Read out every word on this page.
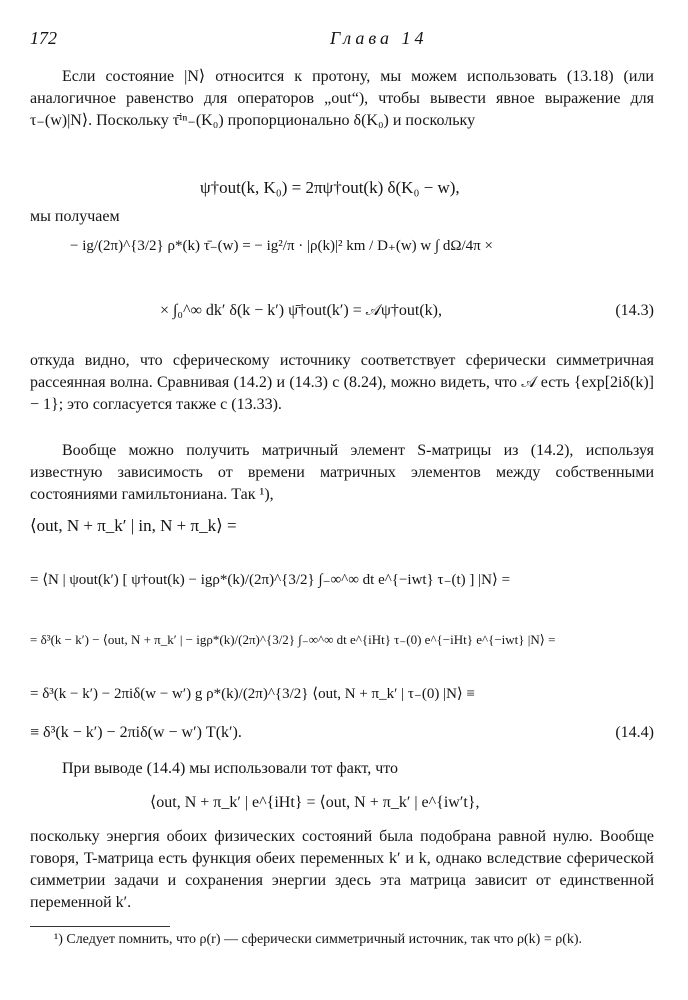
172	Глава 14

Если состояние |N⟩ относится к протону, мы можем использовать (13.18) (или аналогичное равенство для операторов „out“), чтобы вывести явное выражение для τ₋(w)|N⟩. Поскольку τ̄ⁱⁿ₋(K₀) пропорционально δ(K₀) и поскольку

ψ†out(k, K₀) = 2πψ†out(k) δ(K₀ − w),
мы получаем
− ig/(2π)^{3/2} ρ*(k) τ̄₋(w) = − ig²/π · |ρ(k)|² km / D₊(w) w ∫ dΩ/4π ×
× ∫₀^∞ dk′ δ(k − k′) ψ̄†out(k′) = 𝒜ψ†out(k),	(14.3)

откуда видно, что сферическому источнику соответствует сферически симметричная рассеянная волна. Сравнивая (14.2) и (14.3) с (8.24), можно видеть, что 𝒜 есть {exp[2iδ(k)] − 1}; это согласуется также с (13.33).

Вообще можно получить матричный элемент S-матрицы из (14.2), используя известную зависимость от времени матричных элементов между собственными состояниями гамильтониана. Так ¹),

⟨out, N + π_k′ | in, N + π_k⟩ =
= ⟨N | ψout(k′) [ ψ†out(k) − igρ*(k)/(2π)^{3/2} ∫₋∞^∞ dt e^{−iwt} τ₋(t) ] |N⟩ =
= δ³(k − k′) − ⟨out, N + π_k′ | − igρ*(k)/(2π)^{3/2} ∫₋∞^∞ dt e^{iHt} τ₋(0) e^{−iHt} e^{−iwt} |N⟩ =
= δ³(k − k′) − 2πiδ(w − w′) g ρ*(k)/(2π)^{3/2} ⟨out, N + π_k′ | τ₋(0) |N⟩ ≡
≡ δ³(k − k′) − 2πiδ(w − w′) T(k′).	(14.4)

При выводе (14.4) мы использовали тот факт, что

⟨out, N + π_k′ | e^{iHt} = ⟨out, N + π_k′ | e^{iw′t},

поскольку энергия обоих физических состояний была подобрана равной нулю. Вообще говоря, T-матрица есть функция обеих переменных k′ и k, однако вследствие сферической симметрии задачи и сохранения энергии здесь эта матрица зависит от единственной переменной k′.

¹) Следует помнить, что ρ(r) — сферически симметричный источник, так что ρ(k) = ρ(k).
